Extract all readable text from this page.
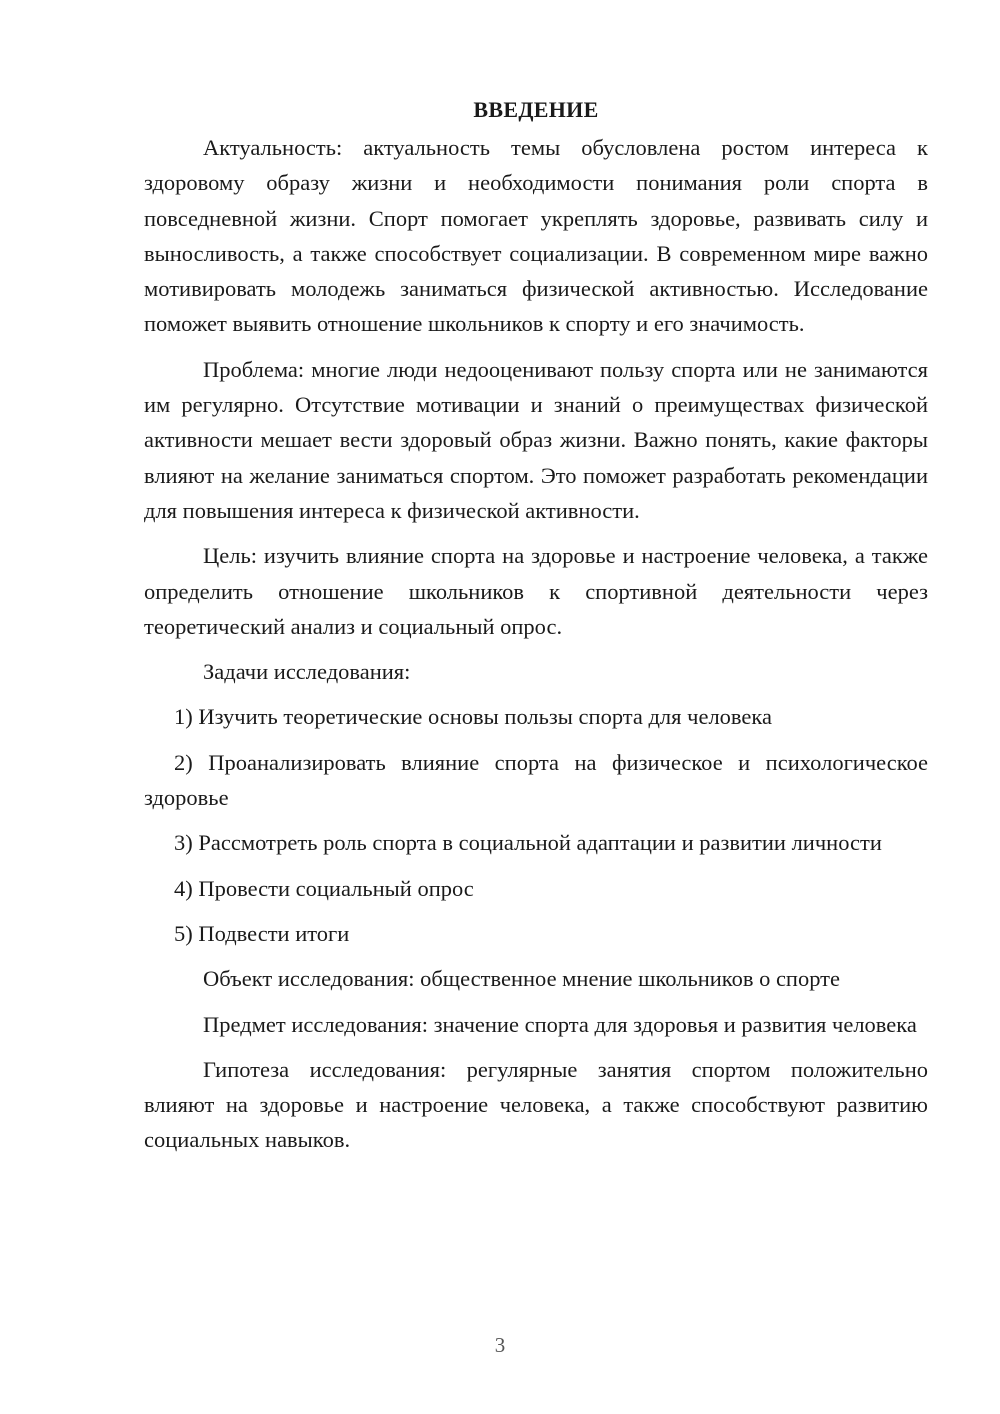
ВВЕДЕНИЕ

Актуальность: актуальность темы обусловлена ростом интереса к здоровому образу жизни и необходимости понимания роли спорта в повседневной жизни. Спорт помогает укреплять здоровье, развивать силу и выносливость, а также способствует социализации. В современном мире важно мотивировать молодежь заниматься физической активностью. Исследование поможет выявить отношение школьников к спорту и его значимость.

Проблема: многие люди недооценивают пользу спорта или не занимаются им регулярно. Отсутствие мотивации и знаний о преимуществах физической активности мешает вести здоровый образ жизни. Важно понять, какие факторы влияют на желание заниматься спортом. Это поможет разработать рекомендации для повышения интереса к физической активности.

Цель: изучить влияние спорта на здоровье и настроение человека, а также определить отношение школьников к спортивной деятельности через теоретический анализ и социальный опрос.

Задачи исследования:

1) Изучить теоретические основы пользы спорта для человека

2) Проанализировать влияние спорта на физическое и психологическое здоровье

3) Рассмотреть роль спорта в социальной адаптации и развитии личности

4) Провести социальный опрос

5) Подвести итоги

Объект исследования: общественное мнение школьников о спорте

Предмет исследования: значение спорта для здоровья и развития человека

Гипотеза исследования: регулярные занятия спортом положительно влияют на здоровье и настроение человека, а также способствуют развитию социальных навыков.

3
